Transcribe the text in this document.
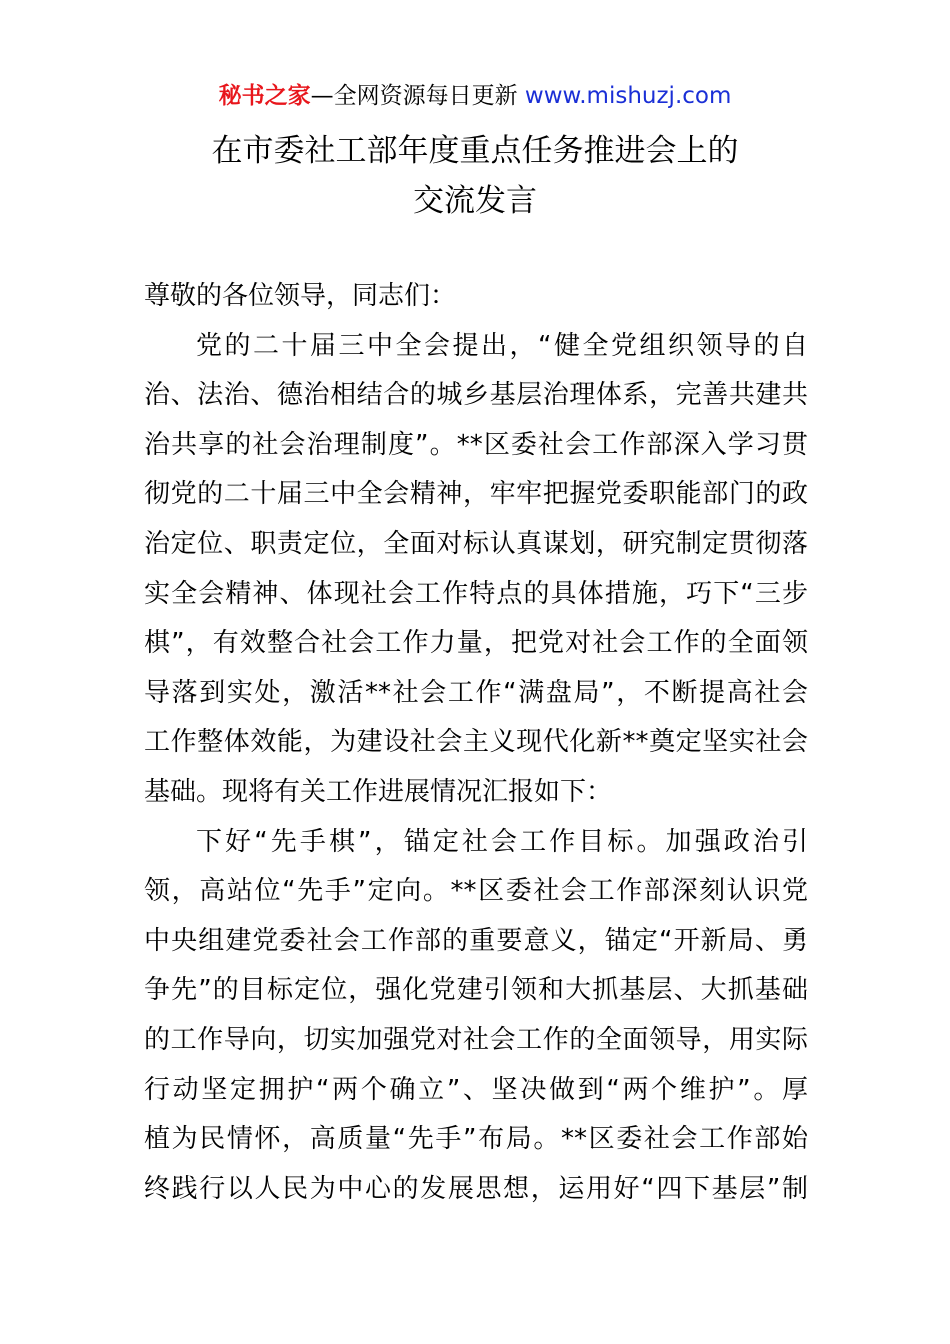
秘书之家—全网资源每日更新 www.mishuzj.com
在市委社工部年度重点任务推进会上的
交流发言
尊敬的各位领导，同志们：
党的二十届三中全会提出，“健全党组织领导的自
治、法治、德治相结合的城乡基层治理体系，完善共建共
治共享的社会治理制度”。**区委社会工作部深入学习贯
彻党的二十届三中全会精神，牢牢把握党委职能部门的政
治定位、职责定位，全面对标认真谋划，研究制定贯彻落
实全会精神、体现社会工作特点的具体措施，巧下“三步
棋”，有效整合社会工作力量，把党对社会工作的全面领
导落到实处，激活**社会工作“满盘局”，不断提高社会
工作整体效能，为建设社会主义现代化新**奠定坚实社会
基础。现将有关工作进展情况汇报如下：
下好“先手棋”，锚定社会工作目标。加强政治引
领，高站位“先手”定向。**区委社会工作部深刻认识党
中央组建党委社会工作部的重要意义，锚定“开新局、勇
争先”的目标定位，强化党建引领和大抓基层、大抓基础
的工作导向，切实加强党对社会工作的全面领导，用实际
行动坚定拥护“两个确立”、坚决做到“两个维护”。厚
植为民情怀，高质量“先手”布局。**区委社会工作部始
终践行以人民为中心的发展思想，运用好“四下基层”制
